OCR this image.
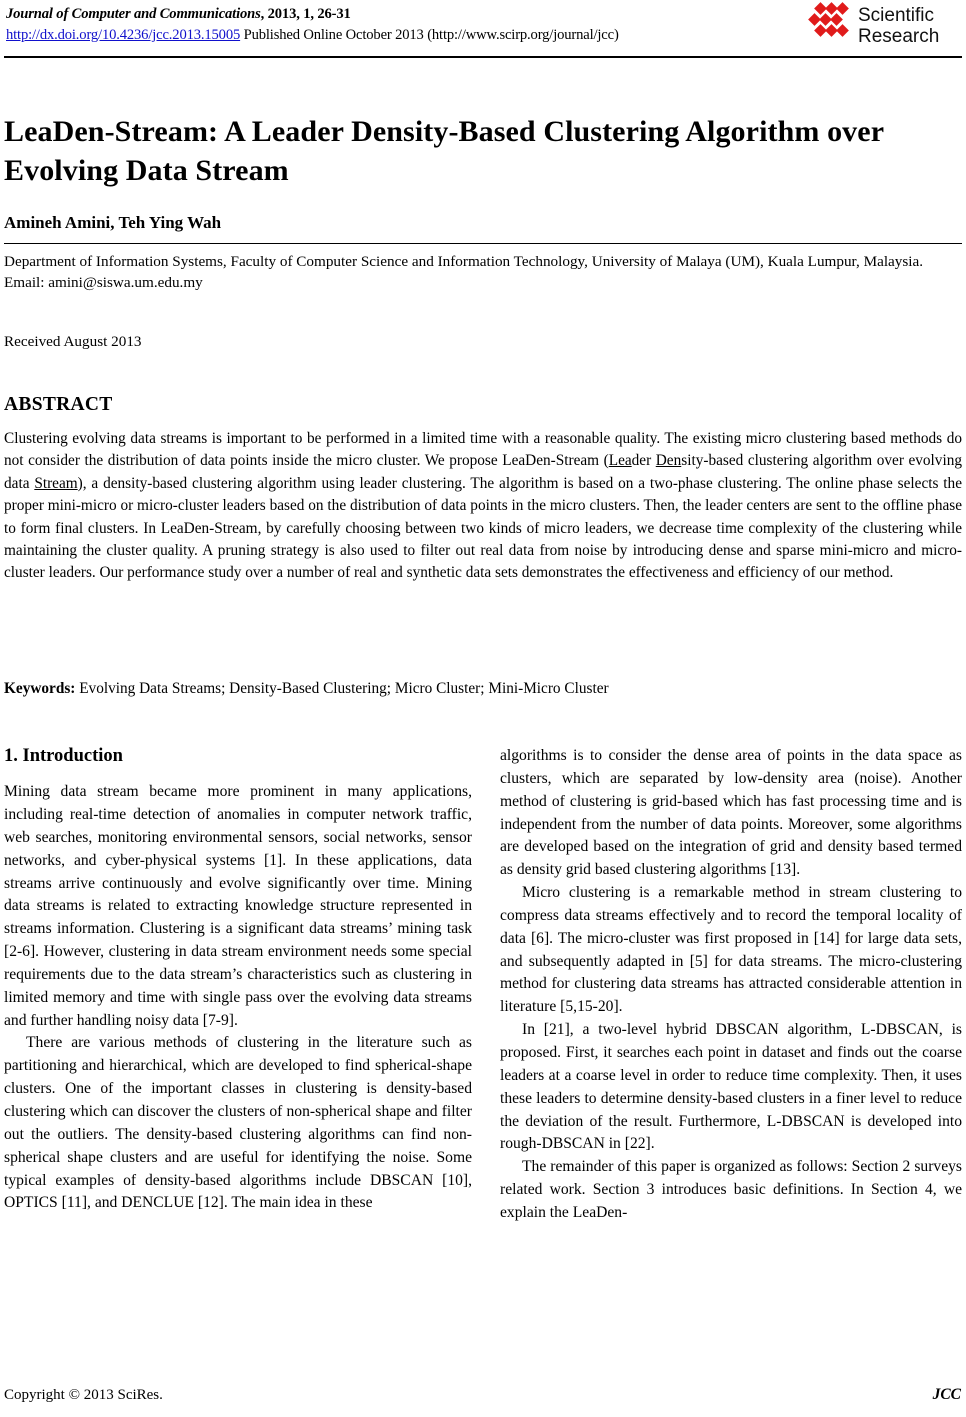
Journal of Computer and Communications, 2013, 1, 26-31
http://dx.doi.org/10.4236/jcc.2013.15005 Published Online October 2013 (http://www.scirp.org/journal/jcc)
Scientific
Research
LeaDen-Stream: A Leader Density-Based Clustering Algorithm over Evolving Data Stream
Amineh Amini, Teh Ying Wah
Department of Information Systems, Faculty of Computer Science and Information Technology, University of Malaya (UM), Kuala Lumpur, Malaysia.
Email: amini@siswa.um.edu.my
Received August 2013
ABSTRACT
Clustering evolving data streams is important to be performed in a limited time with a reasonable quality. The existing micro clustering based methods do not consider the distribution of data points inside the micro cluster. We propose LeaDen-Stream (Leader Density-based clustering algorithm over evolving data Stream), a density-based clustering algorithm using leader clustering. The algorithm is based on a two-phase clustering. The online phase selects the proper mini-micro or micro-cluster leaders based on the distribution of data points in the micro clusters. Then, the leader centers are sent to the offline phase to form final clusters. In LeaDen-Stream, by carefully choosing between two kinds of micro leaders, we decrease time complexity of the clustering while maintaining the cluster quality. A pruning strategy is also used to filter out real data from noise by introducing dense and sparse mini-micro and micro-cluster leaders. Our performance study over a number of real and synthetic data sets demonstrates the effectiveness and efficiency of our method.
Keywords: Evolving Data Streams; Density-Based Clustering; Micro Cluster; Mini-Micro Cluster
1. Introduction

Mining data stream became more prominent in many applications, including real-time detection of anomalies in computer network traffic, web searches, monitoring environmental sensors, social networks, sensor networks, and cyber-physical systems [1]. In these applications, data streams arrive continuously and evolve significantly over time. Mining data streams is related to extracting knowledge structure represented in streams information. Clustering is a significant data streams’ mining task [2-6]. However, clustering in data stream environment needs some special requirements due to the data stream’s characteristics such as clustering in limited memory and time with single pass over the evolving data streams and further handling noisy data [7-9].

There are various methods of clustering in the literature such as partitioning and hierarchical, which are developed to find spherical-shape clusters. One of the important classes in clustering is density-based clustering which can discover the clusters of non-spherical shape and filter out the outliers. The density-based clustering algorithms can find non-spherical shape clusters and are useful for identifying the noise. Some typical examples of density-based algorithms include DBSCAN [10], OPTICS [11], and DENCLUE [12]. The main idea in these

algorithms is to consider the dense area of points in the data space as clusters, which are separated by low-density area (noise). Another method of clustering is grid-based which has fast processing time and is independent from the number of data points. Moreover, some algorithms are developed based on the integration of grid and density based termed as density grid based clustering algorithms [13].

Micro clustering is a remarkable method in stream clustering to compress data streams effectively and to record the temporal locality of data [6]. The micro-cluster was first proposed in [14] for large data sets, and subsequently adapted in [5] for data streams. The micro-clustering method for clustering data streams has attracted considerable attention in literature [5,15-20].

In [21], a two-level hybrid DBSCAN algorithm, L-DBSCAN, is proposed. First, it searches each point in dataset and finds out the coarse leaders at a coarse level in order to reduce time complexity. Then, it uses these leaders to determine density-based clusters in a finer level to reduce the deviation of the result. Furthermore, L-DBSCAN is developed into rough-DBSCAN in [22].

The remainder of this paper is organized as follows: Section 2 surveys related work. Section 3 introduces basic definitions. In Section 4, we explain the LeaDen-

Copyright © 2013 SciRes.	JCC
